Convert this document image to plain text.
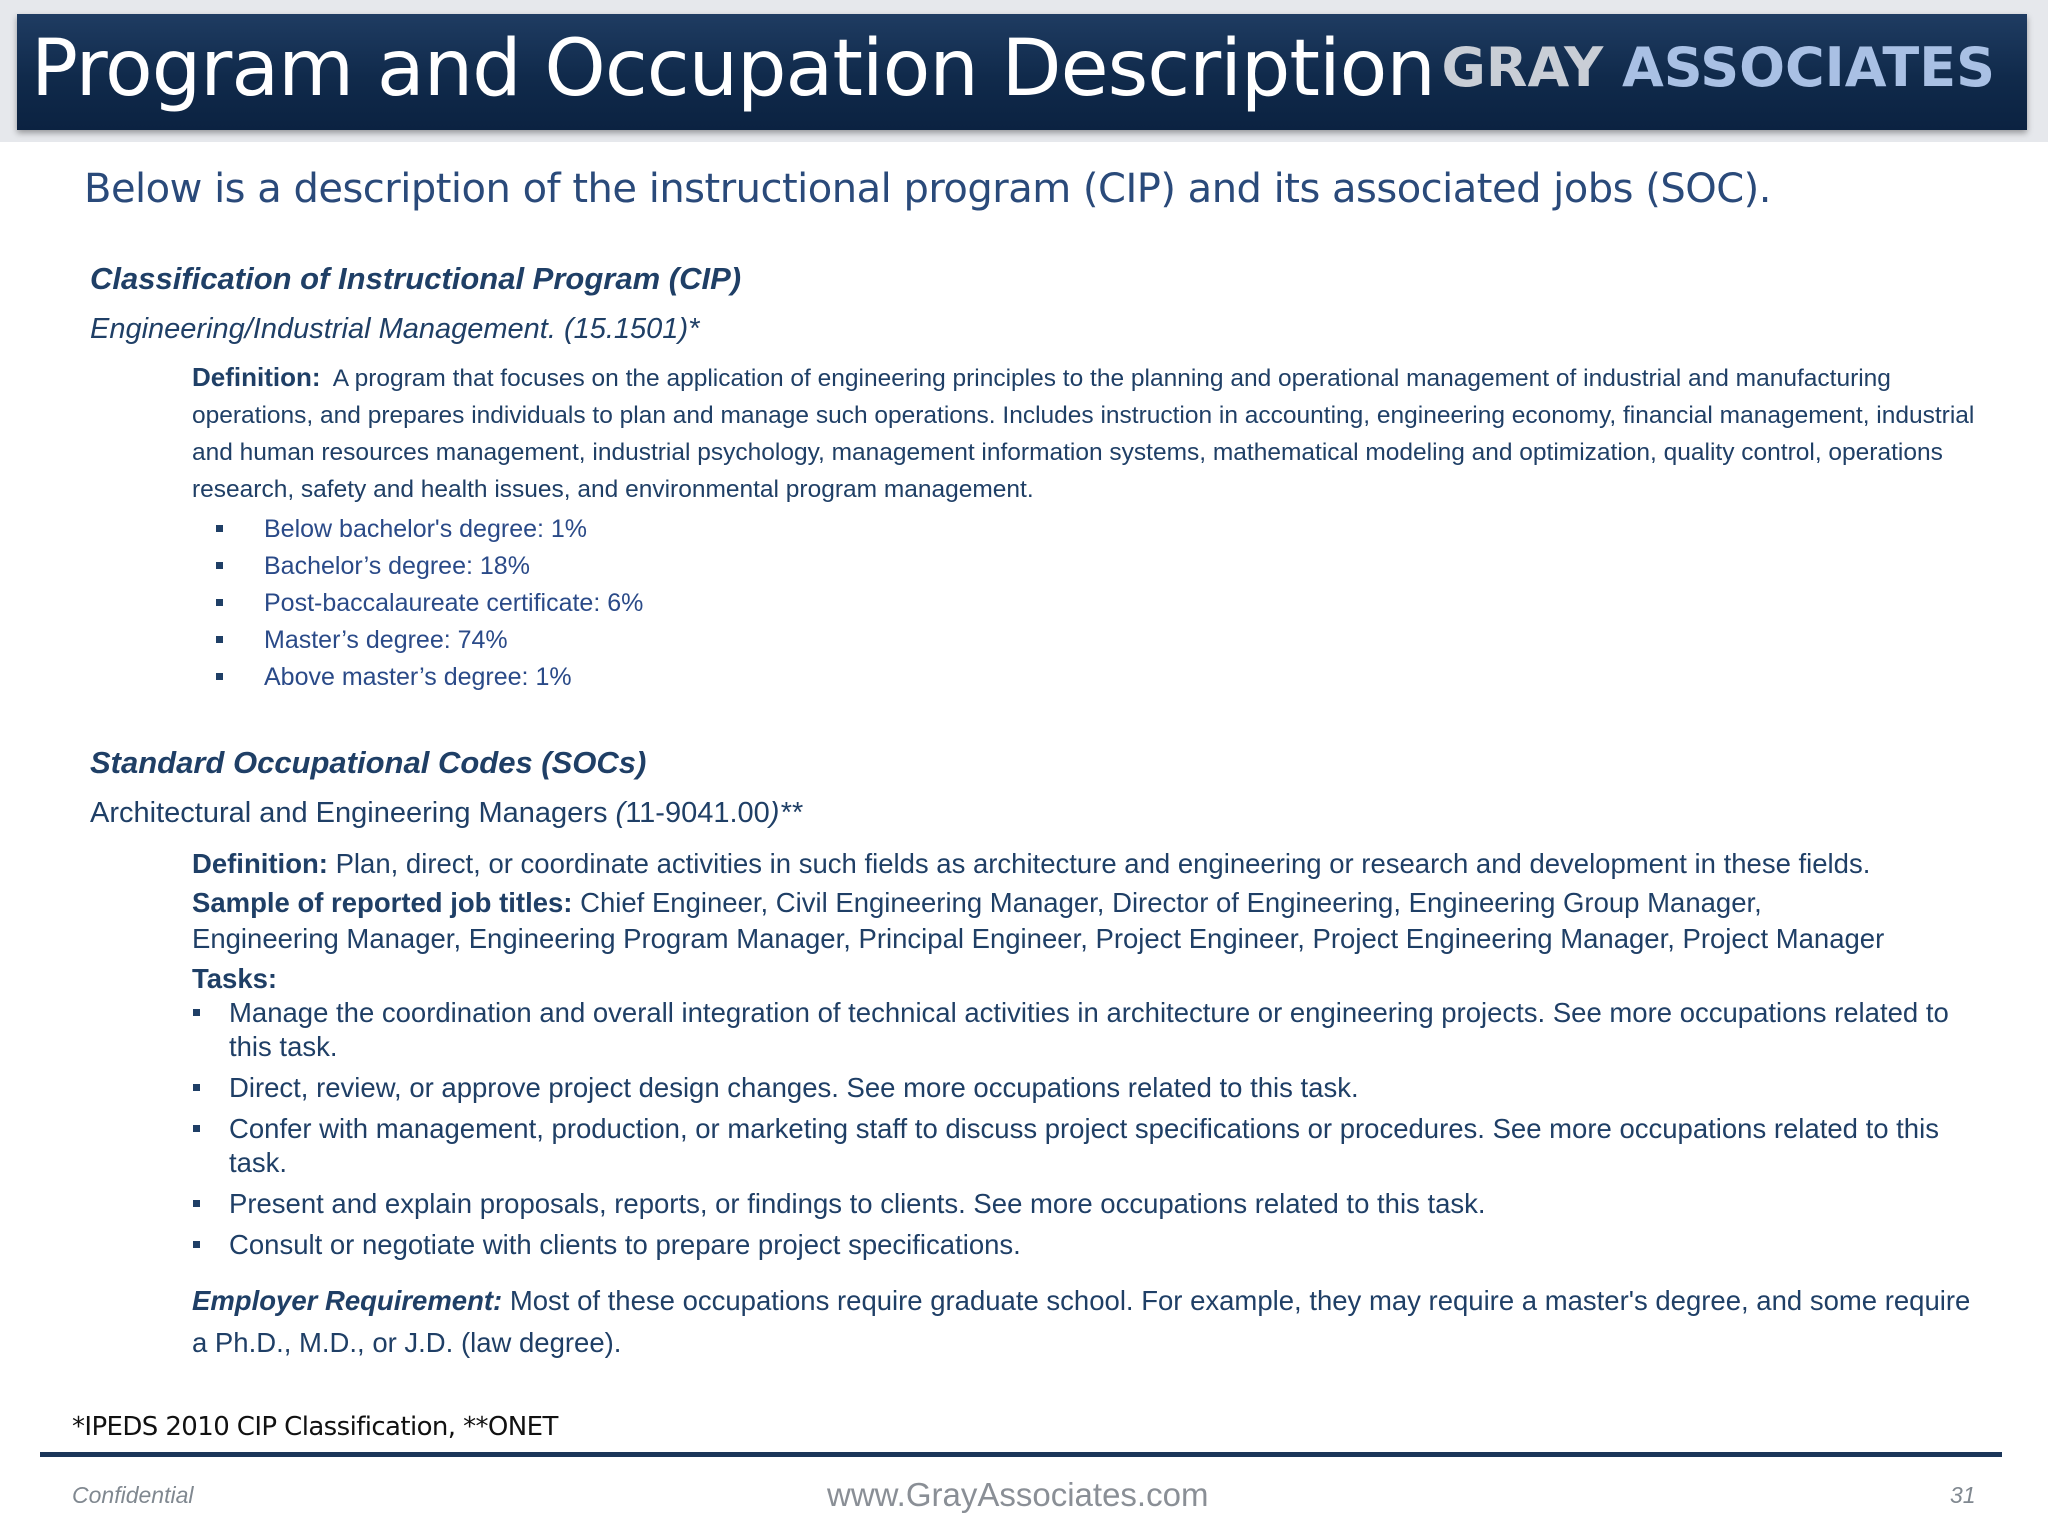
Program and Occupation Description GRAY ASSOCIATES
Below is a description of the instructional program (CIP) and its associated jobs (SOC).
Classification of Instructional Program (CIP)
Engineering/Industrial Management. (15.1501)*
Definition: A program that focuses on the application of engineering principles to the planning and operational management of industrial and manufacturing operations, and prepares individuals to plan and manage such operations. Includes instruction in accounting, engineering economy, financial management, industrial and human resources management, industrial psychology, management information systems, mathematical modeling and optimization, quality control, operations research, safety and health issues, and environmental program management.
Below bachelor's degree: 1%
Bachelor’s degree: 18%
Post-baccalaureate certificate: 6%
Master’s degree: 74%
Above master’s degree: 1%
Standard Occupational Codes (SOCs)
Architectural and Engineering Managers (11-9041.00)**
Definition: Plan, direct, or coordinate activities in such fields as architecture and engineering or research and development in these fields.
Sample of reported job titles: Chief Engineer, Civil Engineering Manager, Director of Engineering, Engineering Group Manager,
Engineering Manager, Engineering Program Manager, Principal Engineer, Project Engineer, Project Engineering Manager, Project Manager
Tasks:
Manage the coordination and overall integration of technical activities in architecture or engineering projects. See more occupations related to this task.
Direct, review, or approve project design changes. See more occupations related to this task.
Confer with management, production, or marketing staff to discuss project specifications or procedures. See more occupations related to this task.
Present and explain proposals, reports, or findings to clients. See more occupations related to this task.
Consult or negotiate with clients to prepare project specifications.
Employer Requirement: Most of these occupations require graduate school. For example, they may require a master's degree, and some require a Ph.D., M.D., or J.D. (law degree).
*IPEDS 2010 CIP Classification, **ONET
Confidential	www.GrayAssociates.com	31
